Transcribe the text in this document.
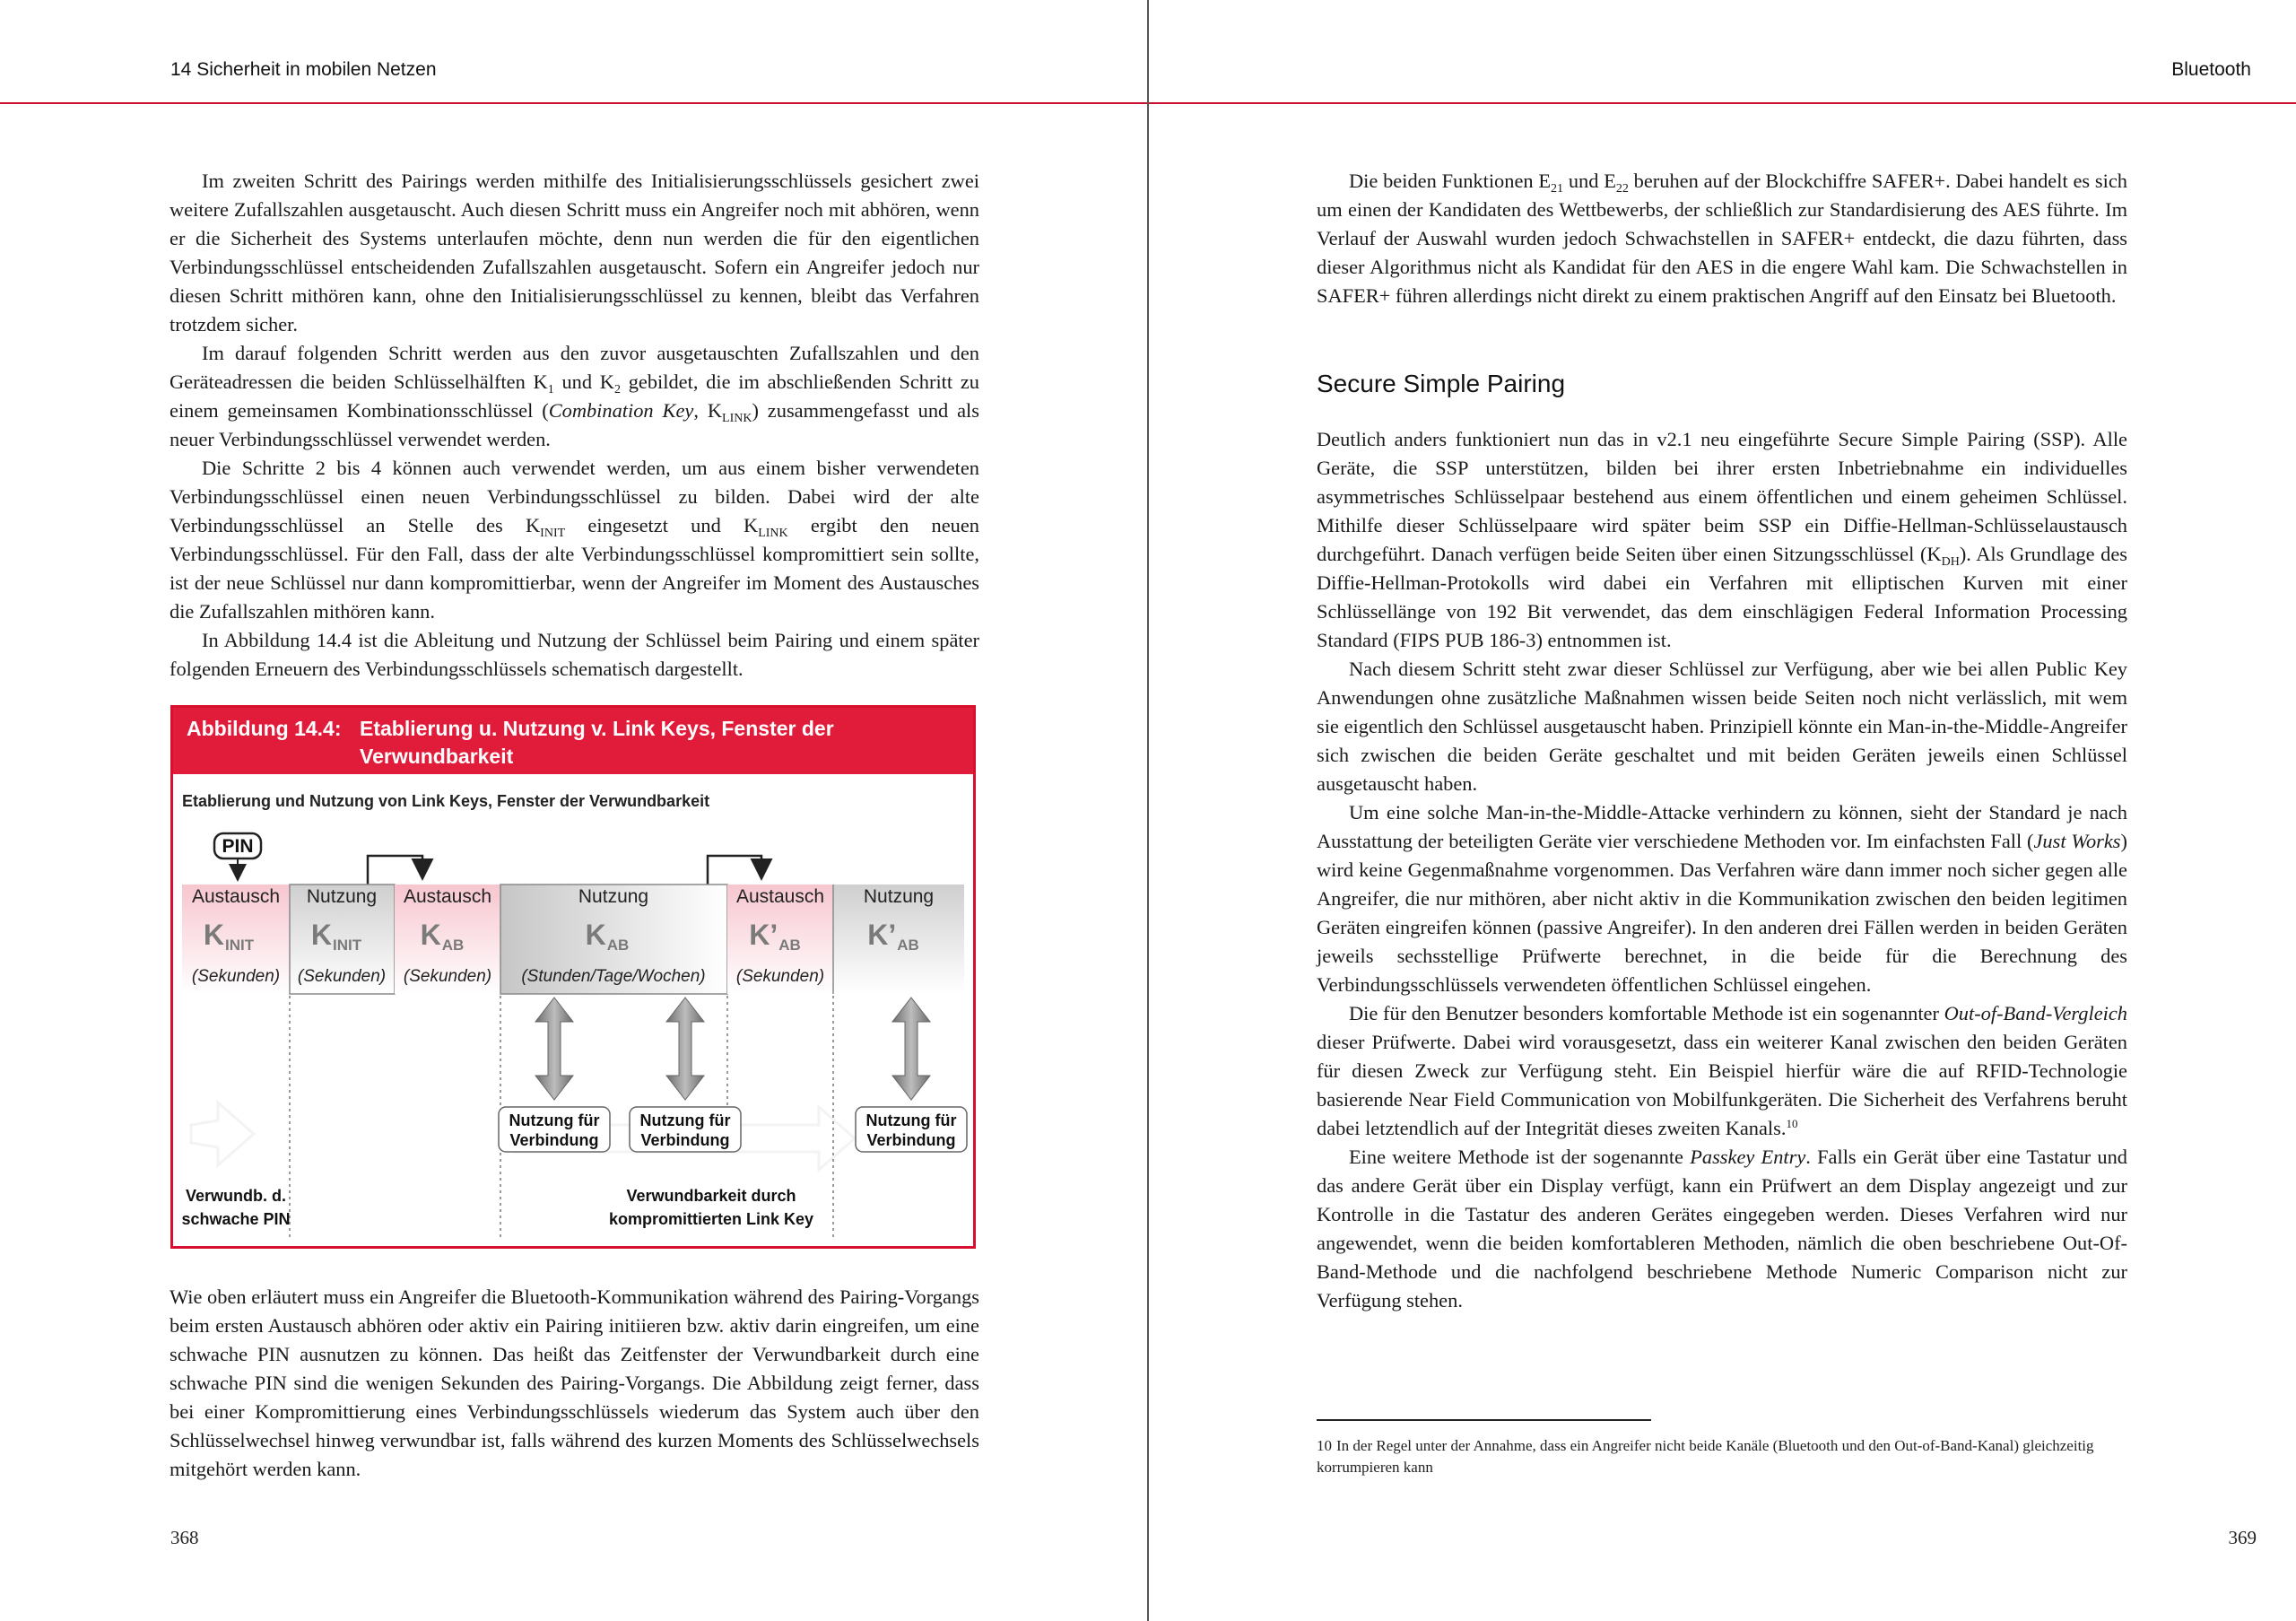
14 Sicherheit in mobilen Netzen

Im zweiten Schritt des Pairings werden mithilfe des Initialisierungsschlüssels gesichert zwei weitere Zufallszahlen ausgetauscht. Auch diesen Schritt muss ein Angreifer noch mit abhören, wenn er die Sicherheit des Systems unterlaufen möchte, denn nun werden die für den eigentlichen Verbindungsschlüssel entscheidenden Zufallszahlen ausgetauscht. Sofern ein Angreifer jedoch nur diesen Schritt mithören kann, ohne den Initialisierungsschlüssel zu kennen, bleibt das Verfahren trotzdem sicher.

Im darauf folgenden Schritt werden aus den zuvor ausgetauschten Zufallszahlen und den Geräteadressen die beiden Schlüsselhälften $K_1$ und $K_2$ gebildet, die im abschließenden Schritt zu einem gemeinsamen Kombinationsschlüssel (Combination Key, $K_{LINK}$) zusammengefasst und als neuer Verbindungsschlüssel verwendet werden.

Die Schritte 2 bis 4 können auch verwendet werden, um aus einem bisher verwendeten Verbindungsschlüssel einen neuen Verbindungsschlüssel zu bilden. Dabei wird der alte Verbindungsschlüssel an Stelle des $K_{INIT}$ eingesetzt und $K_{LINK}$ ergibt den neuen Verbindungsschlüssel. Für den Fall, dass der alte Verbindungsschlüssel kompromittiert sein sollte, ist der neue Schlüssel nur dann kompromittierbar, wenn der Angreifer im Moment des Austausches die Zufallszahlen mithören kann.

In Abbildung 14.4 ist die Ableitung und Nutzung der Schlüssel beim Pairing und einem später folgenden Erneuern des Verbindungsschlüssels schematisch dargestellt.

Abbildung 14.4: Etablierung u. Nutzung v. Link Keys, Fenster der Verwundbarkeit
Etablierung und Nutzung von Link Keys, Fenster der Verwundbarkeit
PIN
Austausch
KINIT
(Sekunden)
Nutzung
KINIT
(Sekunden)
Austausch
KAB
(Sekunden)
Nutzung
KAB
(Stunden/Tage/Wochen)
Austausch
K’AB
(Sekunden)
Nutzung
K’AB
Nutzung für
Verbindung
Nutzung für
Verbindung
Nutzung für
Verbindung
Verwundb. d.
schwache PIN
Verwundbarkeit durch
kompromittierten Link Key

Wie oben erläutert muss ein Angreifer die Bluetooth-Kommunikation während des Pairing-Vorgangs beim ersten Austausch abhören oder aktiv ein Pairing initiieren bzw. aktiv darin eingreifen, um eine schwache PIN ausnutzen zu können. Das heißt das Zeitfenster der Verwundbarkeit durch eine schwache PIN sind die wenigen Sekunden des Pairing-Vorgangs. Die Abbildung zeigt ferner, dass bei einer Kompromittierung eines Verbindungsschlüssels wiederum das System auch über den Schlüsselwechsel hinweg verwundbar ist, falls während des kurzen Moments des Schlüsselwechsels mitgehört werden kann.

368
Bluetooth

Die beiden Funktionen $E_{21}$ und $E_{22}$ beruhen auf der Blockchiffre SAFER+. Dabei handelt es sich um einen der Kandidaten des Wettbewerbs, der schließlich zur Standardisierung des AES führte. Im Verlauf der Auswahl wurden jedoch Schwachstellen in SAFER+ entdeckt, die dazu führten, dass dieser Algorithmus nicht als Kandidat für den AES in die engere Wahl kam. Die Schwachstellen in SAFER+ führen allerdings nicht direkt zu einem praktischen Angriff auf den Einsatz bei Bluetooth.

Secure Simple Pairing

Deutlich anders funktioniert nun das in v2.1 neu eingeführte Secure Simple Pairing (SSP). Alle Geräte, die SSP unterstützen, bilden bei ihrer ersten Inbetriebnahme ein individuelles asymmetrisches Schlüsselpaar bestehend aus einem öffentlichen und einem geheimen Schlüssel. Mithilfe dieser Schlüsselpaare wird später beim SSP ein Diffie-Hellman-Schlüsselaustausch durchgeführt. Danach verfügen beide Seiten über einen Sitzungsschlüssel $(K_{DH})$. Als Grundlage des Diffie-Hellman-Protokolls wird dabei ein Verfahren mit elliptischen Kurven mit einer Schlüssellänge von 192 Bit verwendet, das dem einschlägigen Federal Information Processing Standard (FIPS PUB 186-3) entnommen ist.

Nach diesem Schritt steht zwar dieser Schlüssel zur Verfügung, aber wie bei allen Public Key Anwendungen ohne zusätzliche Maßnahmen wissen beide Seiten noch nicht verlässlich, mit wem sie eigentlich den Schlüssel ausgetauscht haben. Prinzipiell könnte ein Man-in-the-Middle-Angreifer sich zwischen die beiden Geräte geschaltet und mit beiden Geräten jeweils einen Schlüssel ausgetauscht haben.

Um eine solche Man-in-the-Middle-Attacke verhindern zu können, sieht der Standard je nach Ausstattung der beteiligten Geräte vier verschiedene Methoden vor. Im einfachsten Fall (Just Works) wird keine Gegenmaßnahme vorgenommen. Das Verfahren wäre dann immer noch sicher gegen alle Angreifer, die nur mithören, aber nicht aktiv in die Kommunikation zwischen den beiden legitimen Geräten eingreifen können (passive Angreifer). In den anderen drei Fällen werden in beiden Geräten jeweils sechsstellige Prüfwerte berechnet, in die beide für die Berechnung des Verbindungsschlüssels verwendeten öffentlichen Schlüssel eingehen.

Die für den Benutzer besonders komfortable Methode ist ein sogenannter Out-of-Band-Vergleich dieser Prüfwerte. Dabei wird vorausgesetzt, dass ein weiterer Kanal zwischen den beiden Geräten für diesen Zweck zur Verfügung steht. Ein Beispiel hierfür wäre die auf RFID-Technologie basierende Near Field Communication von Mobilfunkgeräten. Die Sicherheit des Verfahrens beruht dabei letztendlich auf der Integrität dieses zweiten Kanals.$^{10}$

Eine weitere Methode ist der sogenannte Passkey Entry. Falls ein Gerät über eine Tastatur und das andere Gerät über ein Display verfügt, kann ein Prüfwert an dem Display angezeigt und zur Kontrolle in die Tastatur des anderen Gerätes eingegeben werden. Dieses Verfahren wird nur angewendet, wenn die beiden komfortableren Methoden, nämlich die oben beschriebene Out-Of-Band-Methode und die nachfolgend beschriebene Methode Numeric Comparison nicht zur Verfügung stehen.

10 In der Regel unter der Annahme, dass ein Angreifer nicht beide Kanäle (Bluetooth und den Out-of-Band-Kanal) gleichzeitig korrumpieren kann
369
